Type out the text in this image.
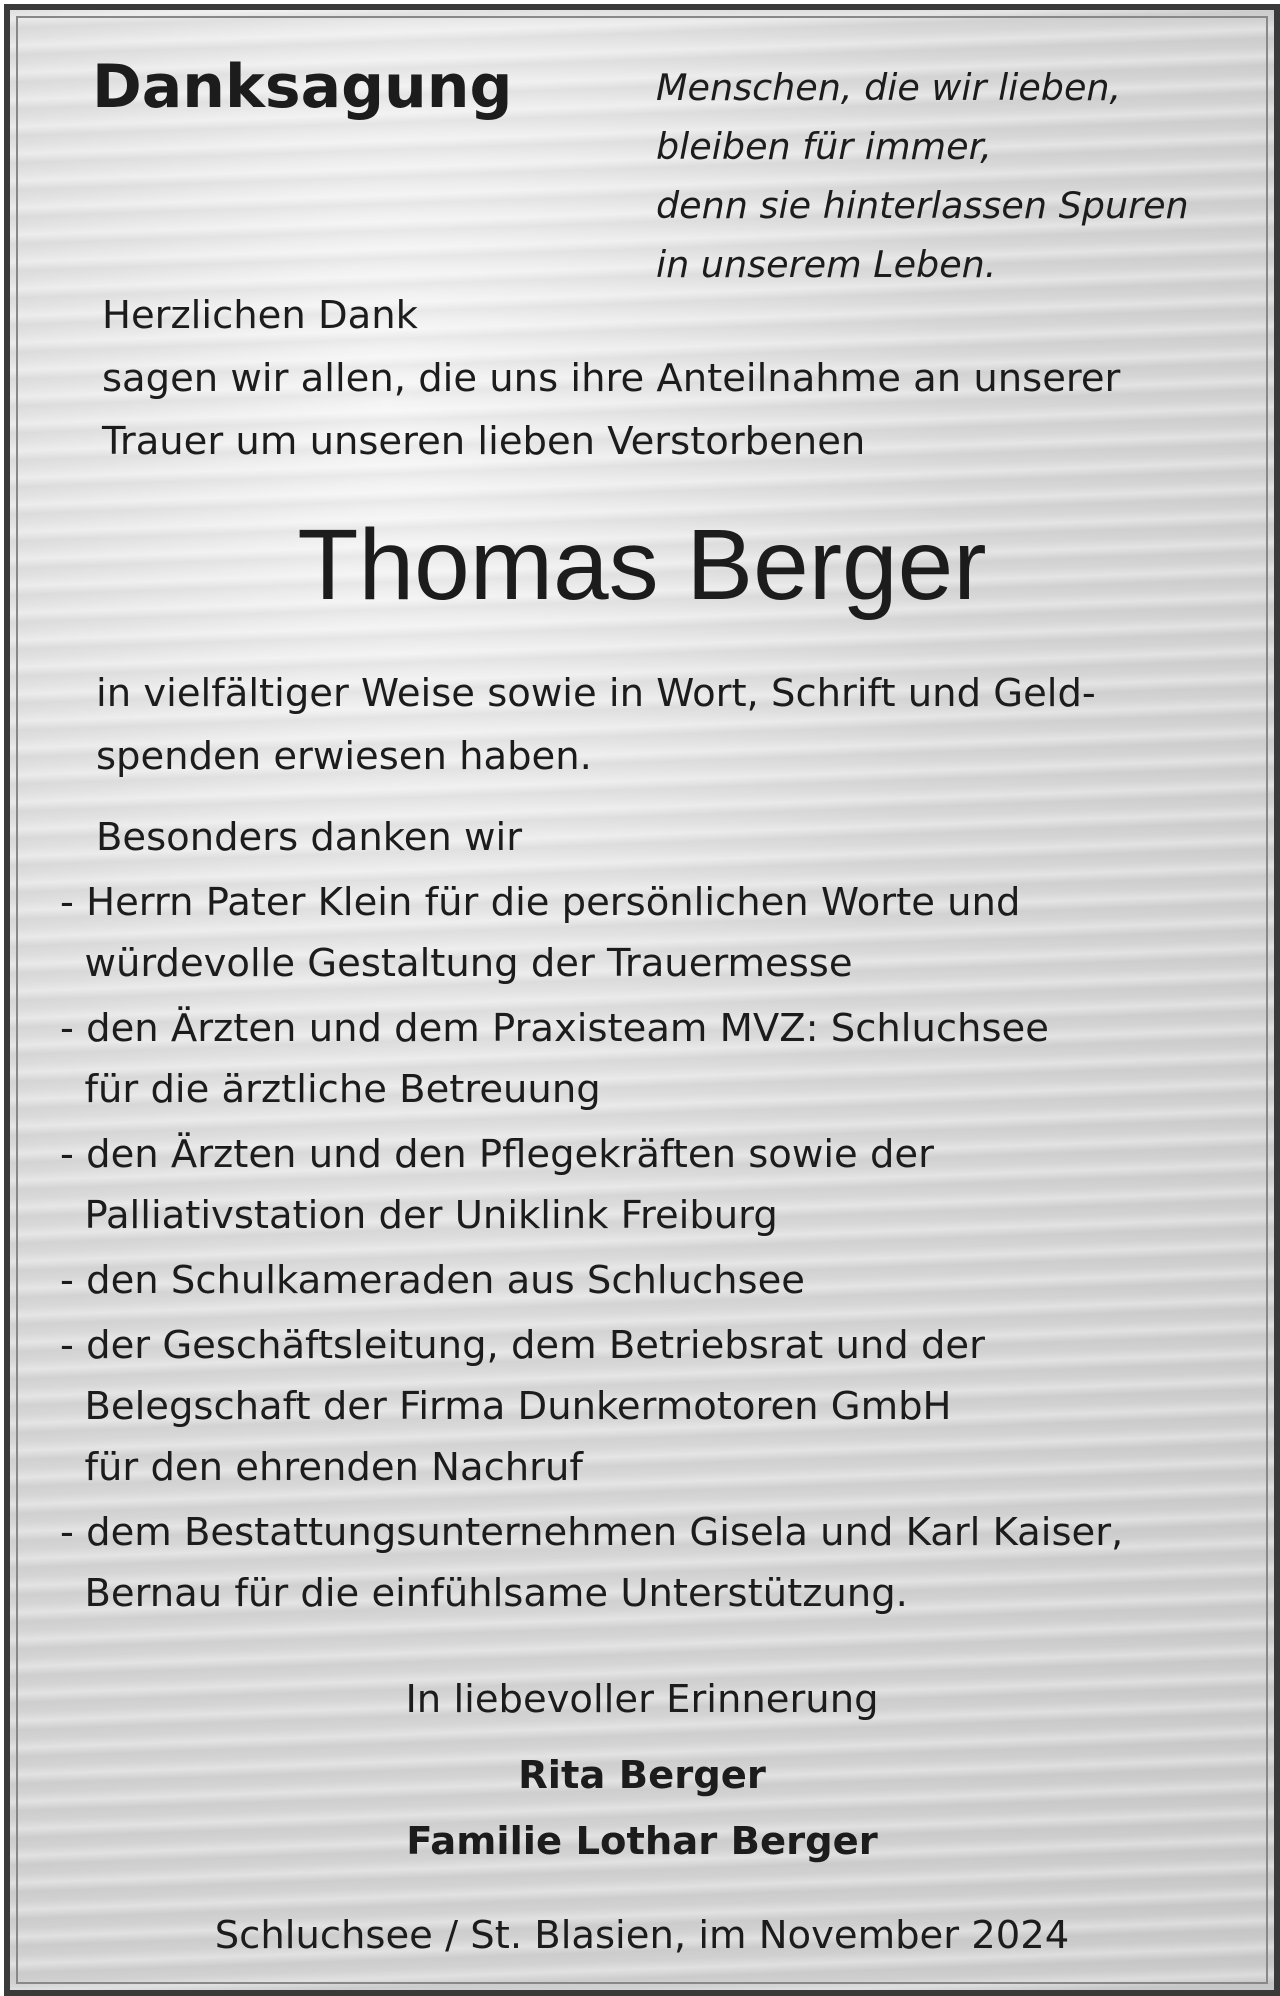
Danksagung	Menschen, die wir lieben,
bleiben für immer,
denn sie hinterlassen Spuren
in unserem Leben.

Herzlichen Dank
sagen wir allen, die uns ihre Anteilnahme an unserer
Trauer um unseren lieben Verstorbenen

Thomas Berger

in vielfältiger Weise sowie in Wort, Schrift und Geld-
spenden erwiesen haben.

Besonders danken wir

- Herrn Pater Klein für die persönlichen Worte und
würdevolle Gestaltung der Trauermesse
- den Ärzten und dem Praxisteam MVZ: Schluchsee
für die ärztliche Betreuung
- den Ärzten und den Pflegekräften sowie der
Palliativstation der Uniklink Freiburg
- den Schulkameraden aus Schluchsee
- der Geschäftsleitung, dem Betriebsrat und der
Belegschaft der Firma Dunkermotoren GmbH
für den ehrenden Nachruf
- dem Bestattungsunternehmen Gisela und Karl Kaiser,
Bernau für die einfühlsame Unterstützung.

In liebevoller Erinnerung

Rita Berger

Familie Lothar Berger

Schluchsee / St. Blasien, im November 2024
